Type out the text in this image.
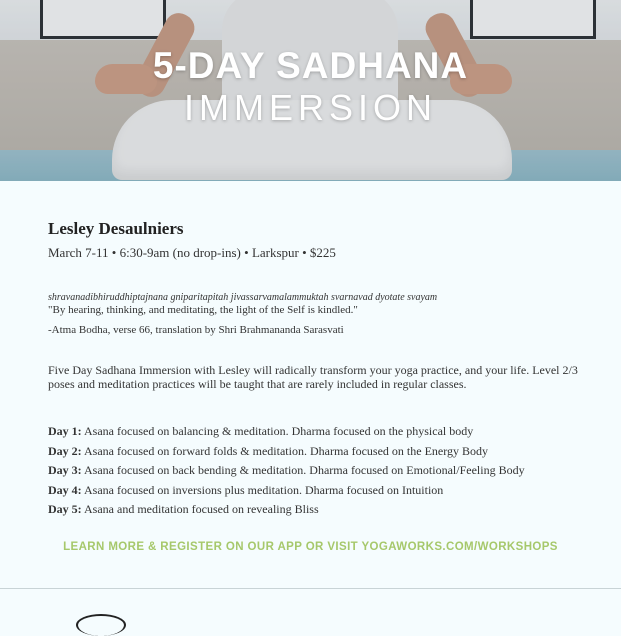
5-DAY SADHANA
IMMERSION
Lesley Desaulniers
March 7-11 • 6:30-9am (no drop-ins) • Larkspur • $225
shravanadibhiruddhiptajnana gniparitapitah jivassarvamalammuktah svarnavad dyotate svayam
"By hearing, thinking, and meditating, the light of the Self is kindled."
-Atma Bodha, verse 66, translation by Shri Brahmananda Sarasvati
Five Day Sadhana Immersion with Lesley will radically transform your yoga practice, and your life. Level 2/3 poses and meditation practices will be taught that are rarely included in regular classes.
Day 1: Asana focused on balancing & meditation. Dharma focused on the physical body
Day 2: Asana focused on forward folds & meditation. Dharma focused on the Energy Body
Day 3: Asana focused on back bending & meditation. Dharma focused on Emotional/Feeling Body
Day 4: Asana focused on inversions plus meditation. Dharma focused on Intuition
Day 5: Asana and meditation focused on revealing Bliss
LEARN MORE & REGISTER ON OUR APP OR VISIT YOGAWORKS.COM/WORKSHOPS
